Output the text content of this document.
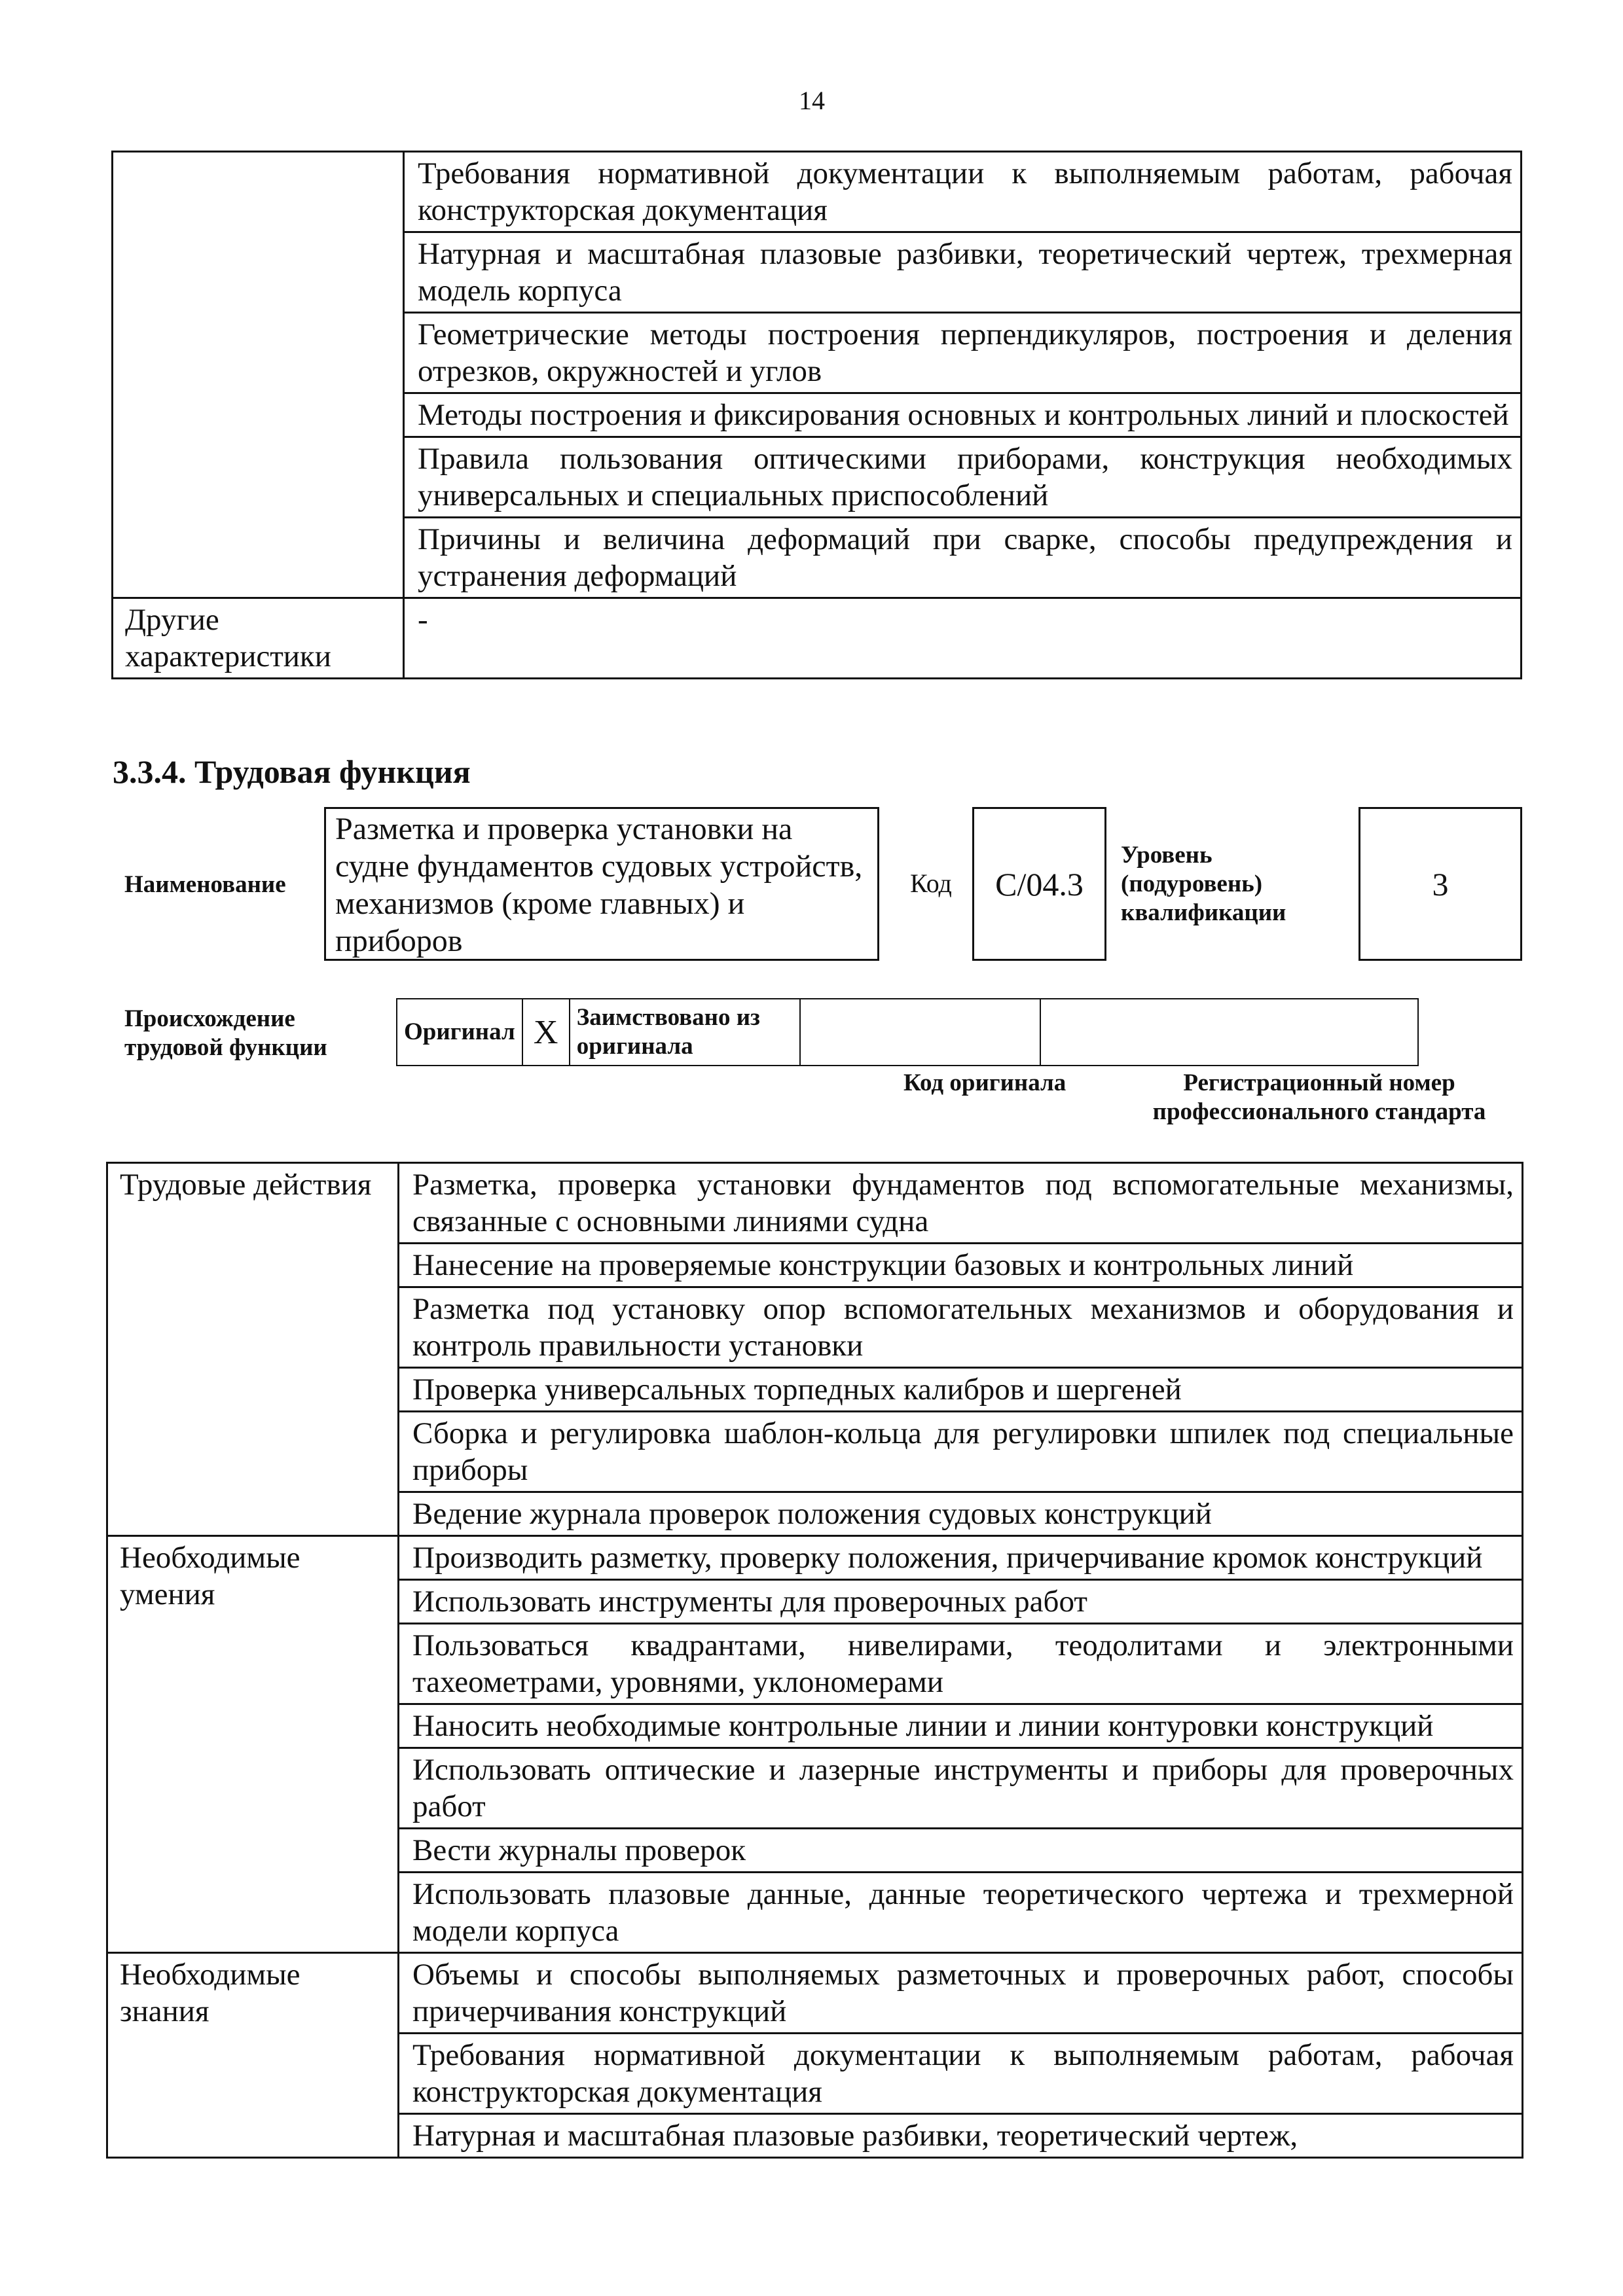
14
	Требования нормативной документации к выполняемым работам, рабочая конструкторская документация
	Натурная и масштабная плазовые разбивки, теоретический чертеж, трехмерная модель корпуса
	Геометрические методы построения перпендикуляров, построения и деления отрезков, окружностей и углов
	Методы построения и фиксирования основных и контрольных линий и плоскостей
	Правила пользования оптическими приборами, конструкция необходимых универсальных и специальных приспособлений
	Причины и величина деформаций при сварке, способы предупреждения и устранения деформаций
Другие характеристики	-
3.3.4. Трудовая функция
Наименование
Разметка и проверка установки на судне фундаментов судовых устройств, механизмов (кроме главных) и приборов
Код C/04.3
Уровень (подуровень) квалификации
3
Происхождение трудовой функции
Оригинал	X	Заимствовано из оригинала		
Код оригинала	Регистрационный номер профессионального стандарта
Трудовые действия	Разметка, проверка установки фундаментов под вспомогательные механизмы, связанные с основными линиями судна
	Нанесение на проверяемые конструкции базовых и контрольных линий
	Разметка под установку опор вспомогательных механизмов и оборудования и контроль правильности установки
	Проверка универсальных торпедных калибров и шергеней
	Сборка и регулировка шаблон-кольца для регулировки шпилек под специальные приборы
	Ведение журнала проверок положения судовых конструкций
Необходимые умения	Производить разметку, проверку положения, причерчивание кромок конструкций
	Использовать инструменты для проверочных работ
	Пользоваться квадрантами, нивелирами, теодолитами и электронными тахеометрами, уровнями, уклономерами
	Наносить необходимые контрольные линии и линии контуровки конструкций
	Использовать оптические и лазерные инструменты и приборы для проверочных работ
	Вести журналы проверок
	Использовать плазовые данные, данные теоретического чертежа и трехмерной модели корпуса
Необходимые знания	Объемы и способы выполняемых разметочных и проверочных работ, способы причерчивания конструкций
	Требования нормативной документации к выполняемым работам, рабочая конструкторская документация
	Натурная и масштабная плазовые разбивки, теоретический чертеж,
